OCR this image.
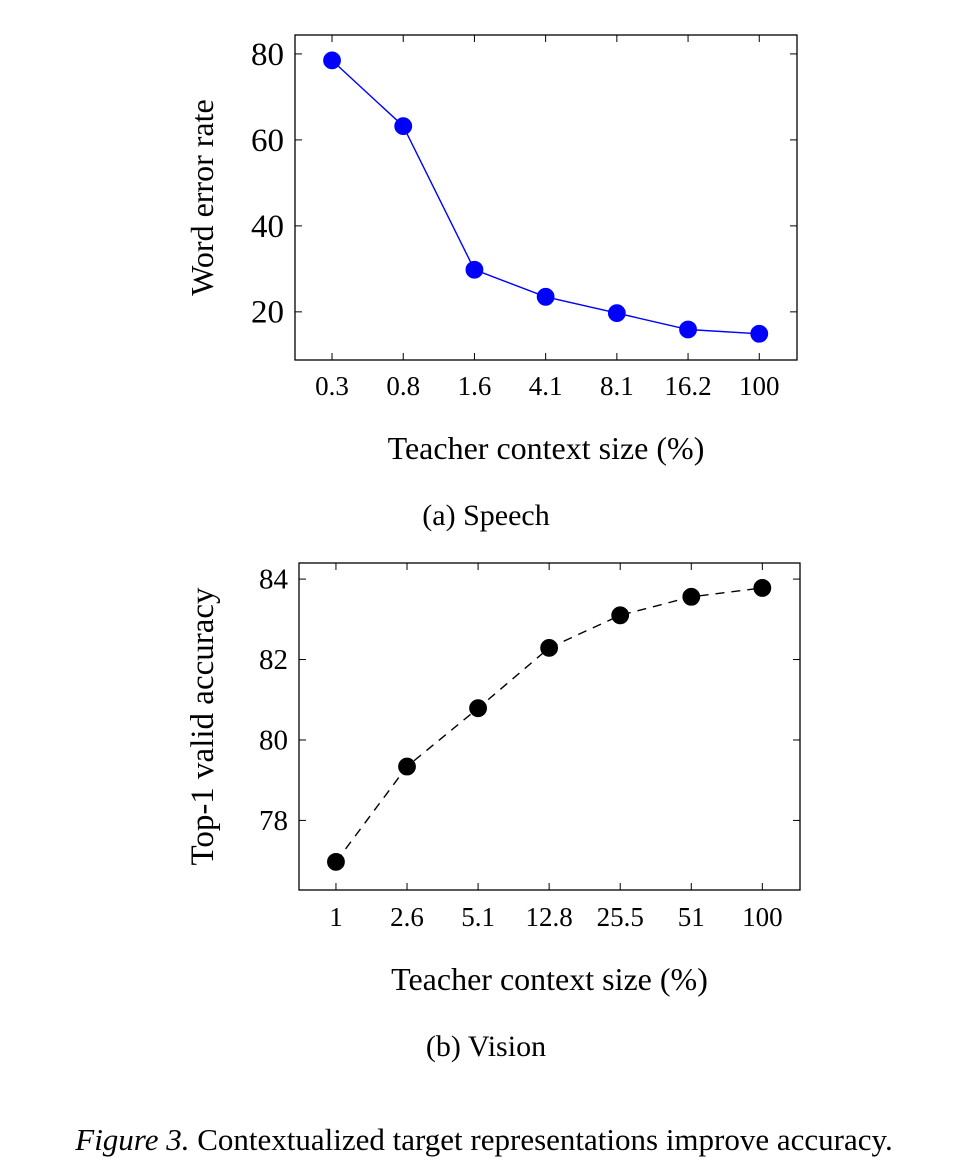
20
40
60
80
0.3 0.8 1.6 4.1 8.1 16.2 100
Teacher context size (%)
Word error rate
78
80
82
84
1 2.6 5.1 12.8 25.5 51 100
Teacher context size (%)
Top-1 valid accuracy
(a) Speech
(b) Vision
Figure 3. Contextualized target representations improve accuracy.
